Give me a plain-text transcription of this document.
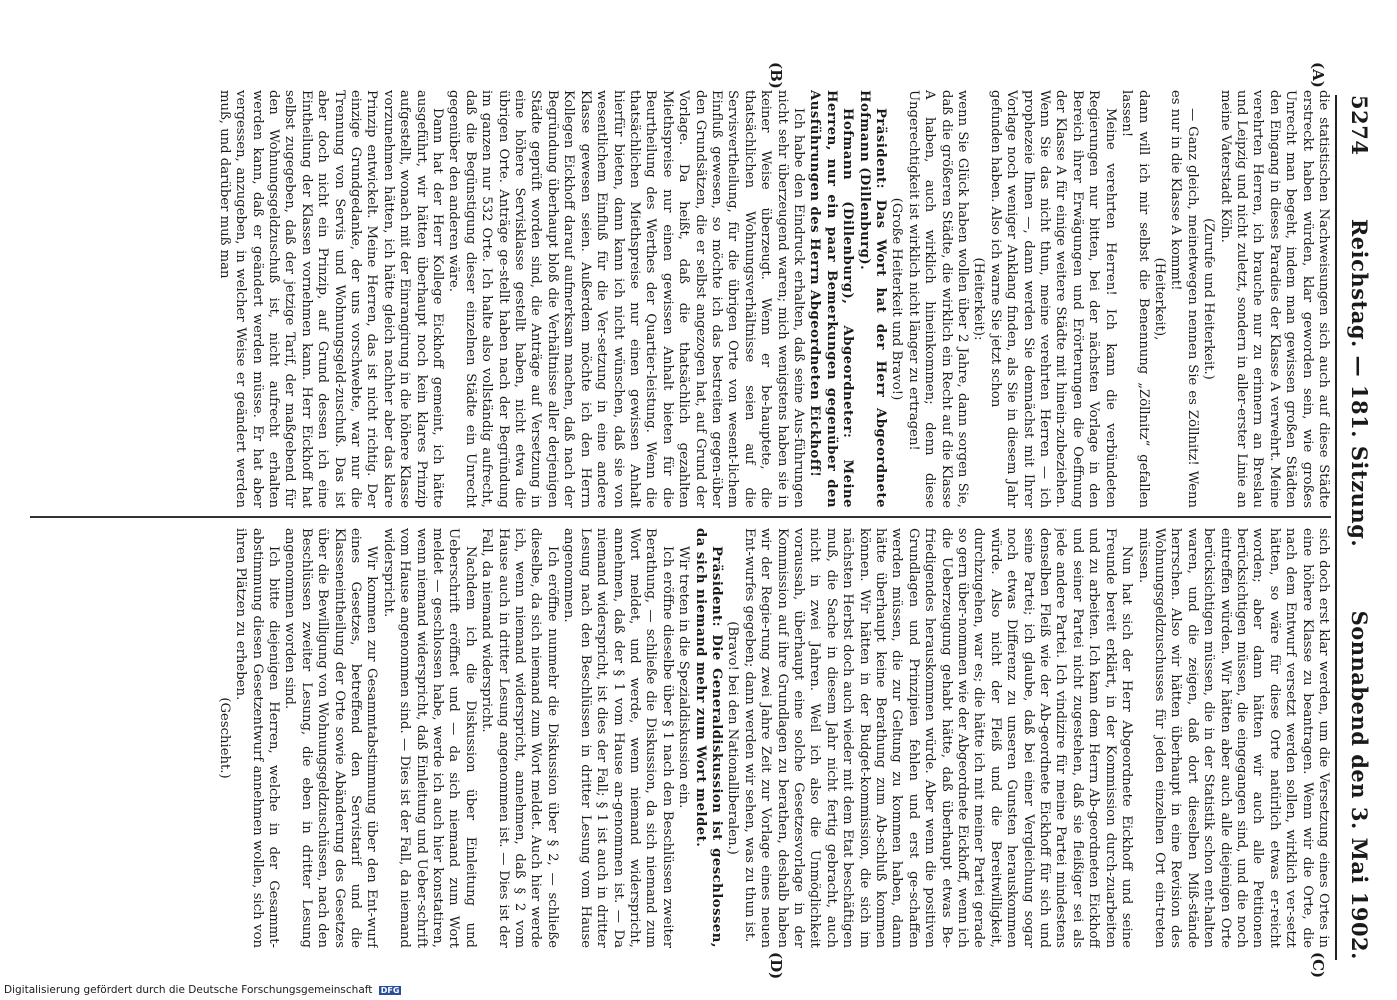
5274
Reichstag. — 181. Sitzung.
Sonnabend den 3. Mai 1902.
(A)
(B)
(C)
(D)

die statistischen Nachweisungen sich auch auf diese Städte erstreckt haben würden, klar geworden sein, wie großes Unrecht man begeht, indem man gewissen großen Städten den Eingang in dieses Paradies der Klasse A verwehrt. Meine verehrten Herren, ich brauche nur zu erinnern an Breslau und Leipzig und nicht zuletzt, sondern in aller-erster Linie an meine Vaterstadt Köln.

(Zurufe und Heiterkeit.)

— Ganz gleich, meinetwegen nennen Sie es Zöllnitz! Wenn es nur in die Klasse A kommt!

(Heiterkeit),

dann will ich mir selbst die Benennung „Zöllnitz“ gefallen lassen!

Meine verehrten Herren! Ich kann die verbündeten Regierungen nur bitten, bei der nächsten Vorlage in den Bereich ihrer Erwägungen und Erörterungen die Oeffnung der Klasse A für einige weitere Städte mit hinein-zubeziehen. Wenn Sie das nicht thun, meine verehrten Herren — ich prophezeie Ihnen —, dann werden Sie demnächst mit Ihrer Vorlage noch weniger Anklang finden, als Sie in diesem Jahr gefunden haben. Also ich warne Sie jetzt schon

(Heiterkeit):

wenn Sie Glück haben wollen über 2 Jahre, dann sorgen Sie, daß die größeren Städte, die wirklich ein Recht auf die Klasse A haben, auch wirklich hineinkommen; denn diese Ungerechtigkeit ist wirklich nicht länger zu ertragen!

(Große Heiterkeit und Bravo!)

Präsident: Das Wort hat der Herr Abgeordnete Hofmann (Dillenburg).

Hofmann (Dillenburg), Abgeordneter: Meine Herren, nur ein paar Bemerkungen gegenüber den Ausführungen des Herrn Abgeordneten Eickhoff!

Ich habe den Eindruck erhalten, daß seine Aus-führungen nicht sehr überzeugend waren; mich wenigstens haben sie in keiner Weise überzeugt. Wenn er be-hauptete, die thatsächlichen Wohnungsverhältnisse seien auf die Servisvertheilung, für die übrigen Orte von wesent-lichem Einfluß gewesen, so möchte ich das bestreiten gegen-über den Grundsätzen, die er selbst angezogen hat, auf Grund der Vorlage. Da heißt, daß die thatsächlich gezahlten Miethspreise nur einen gewissen Anhalt bieten für die Beurtheilung des Werthes der Quartier-leistung. Wenn die thatsächlichen Miethspreise nur einen gewissen Anhalt hierfür bieten, dann kann ich nicht wünschen, daß sie von wesentlichem Einfluß für die Ver-setzung in eine andere Klasse gewesen seien. Außerdem möchte ich den Herrn Kollegen Eickhoff darauf aufmerksam machen, daß nach der Begründung überhaupt bloß die Verhältnisse aller derjenigen Städte geprüft worden sind, die Anträge auf Versetzung in eine höhere Servisklasse gestellt haben, nicht etwa die übrigen Orte. Anträge ge-stellt haben nach der Begründung im ganzen nur 532 Orte. Ich halte also vollständig aufrecht, daß die Begünstigung dieser einzelnen Städte ein Unrecht gegenüber den anderen wäre.

Dann hat der Herr Kollege Eickhoff gemeint, ich hätte ausgeführt, wir hätten überhaupt noch kein klares Prinzip aufgestellt, wonach mit der Einrangirung in die höhere Klasse vorzunehmen hätten, ich hätte gleich nachher aber das klare Prinzip entwickelt. Meine Herren, das ist nicht richtig. Der einzige Grundgedanke, der uns vorschwebte, war nur die Trennung von Servis und Wohnungsgeld-zuschuß. Das ist aber doch nicht ein Prinzip, auf Grund dessen ich eine Eintheilung der Klassen vornehmen kann. Herr Eickhoff hat selbst zugegeben, daß der jetzige Tarif, der maßgebend für den Wohnungsgeldzuschuß ist, nicht aufrecht erhalten werden kann, daß er geändert werden müsse. Er hat aber vergessen, anzugeben, in welcher Weise er geändert werden muß, und darüber muß man

sich doch erst klar werden, um die Versetzung eines Ortes in eine höhere Klasse zu beantragen. Wenn wir die Orte, die nach dem Entwurf versetzt werden sollen, wirklich ver-setzt hätten, so wäre für diese Orte natürlich etwas er-reicht worden; aber dann hätten wir auch alle Petitionen berücksichtigen müssen, die eingegangen sind, und die noch eintreffen würden. Wir hätten aber auch alle diejenigen Orte berücksichtigen müssen, die in der Statistik schon ent-halten waren, und die zeigen, daß dort dieselben Miß-stände herrschen. Also wir hätten überhaupt in eine Revision des Wohnungsgeldzuschusses für jeden einzelnen Ort ein-treten müssen.

Nun hat sich der Herr Abgeordnete Eickhoff und seine Freunde bereit erklärt, in der Kommission durch-zuarbeiten und zu arbeiten. Ich kann dem Herrn Ab-geordneten Eickhoff und seiner Partei nicht zugestehen, daß sie fleißiger sei als jede andere Partei. Ich vindizire für meine Partei mindestens denselben Fleiß wie der Ab-geordnete Eickhoff für sich und seine Partei; ich glaube, daß bei einer Vergleichung sogar noch etwas Differenz zu unseren Gunsten herauskommen würde. Also nicht der Fleiß und die Bereitwilligkeit, durchzugehen, war es; die hätte ich mit meiner Partei gerade so gern über-nommen wie der Abgeordnete Eickhoff, wenn ich die Ueberzeugung gehabt hätte, daß überhaupt etwas Be-friedigendes herauskommen würde. Aber wenn die positiven Grundlagen und Prinzipien fehlen und erst ge-schaffen werden müssen, die zur Geltung zu kommen haben, dann hätte überhaupt keine Berathung zum Ab-schluß kommen können. Wir hätten in der Budget-kommission, die sich im nächsten Herbst doch auch wieder mit dem Etat beschäftigen muß, die Sache in diesem Jahr nicht fertig gebracht, auch nicht in zwei Jahren. Weil ich also die Unmöglichkeit voraussah, überhaupt eine solche Gesetzesvorlage in der Kommission auf ihre Grundlagen zu berathen, deshalb haben wir der Regie-rung zwei Jahre Zeit zur Vorlage eines neuen Ent-wurfes gegeben; dann werden wir sehen, was zu thun ist.

(Bravo! bei den Nationalliberalen.)

Präsident: Die Generaldiskussion ist geschlossen, da sich niemand mehr zum Wort meldet.

Wir treten in die Spezialdiskussion ein.

Ich eröffne dieselbe über § 1 nach den Beschlüssen zweiter Berathung, — schließe die Diskussion, da sich niemand zum Wort meldet, und werde, wenn niemand widerspricht, annehmen, daß der § 1 vom Hause an-genommen ist. — Da niemand widerspricht, ist dies der Fall; § 1 ist auch in dritter Lesung nach den Beschlüssen in dritter Lesung vom Hause angenommen.

Ich eröffne nunmehr die Diskussion über § 2, — schließe dieselbe, da sich niemand zum Wort meldet. Auch hier werde ich, wenn niemand widerspricht, annehmen, daß § 2 vom Hause auch in dritter Lesung angenommen ist. — Dies ist der Fall, da niemand widerspricht.

Nachdem ich die Diskussion über Einleitung und Ueberschrift eröffnet und — da sich niemand zum Wort meldet — geschlossen habe, werde ich auch hier konstatiren, wenn niemand widerspricht, daß Einleitung und Ueber-schrift vom Hause angenommen sind. — Dies ist der Fall, da niemand widerspricht.

Wir kommen zur Gesammtabstimmung über den Ent-wurf eines Gesetzes, betreffend den Servistarif und die Klasseneintheilung der Orte sowie Abänderung des Gesetzes über die Bewilligung von Wohnungsgeldzuschüssen, nach den Beschlüssen zweiter Lesung, die eben in dritter Lesung angenommen worden sind.

Ich bitte diejenigen Herren, welche in der Gesammt-abstimmung diesen Gesetzentwurf annehmen wollen, sich von ihren Plätzen zu erheben.

(Geschieht.)

Digitalisierung gefördert durch die Deutsche Forschungsgemeinschaft DFG
